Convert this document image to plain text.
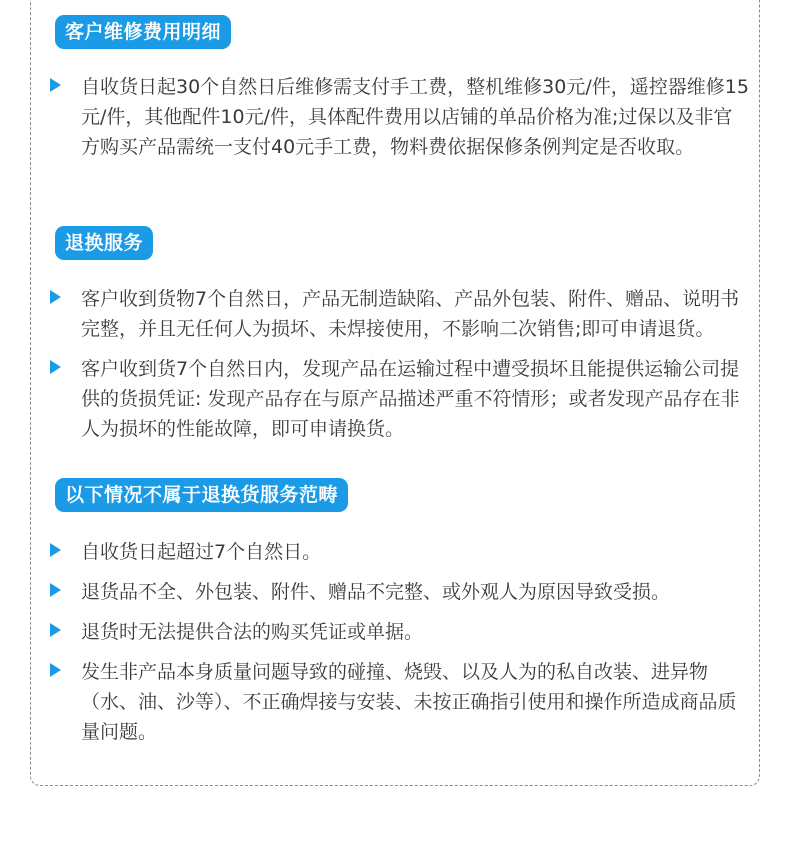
客户维修费用明细
自收货日起30个自然日后维修需支付手工费，整机维修30元/件，遥控器维修15元/件，其他配件10元/件，具体配件费用以店铺的单品价格为准;过保以及非官方购买产品需统一支付40元手工费，物料费依据保修条例判定是否收取。
退换服务
客户收到货物7个自然日，产品无制造缺陷、产品外包装、附件、赠品、说明书完整，并且无任何人为损坏、未焊接使用，不影响二次销售;即可申请退货。
客户收到货7个自然日内，发现产品在运输过程中遭受损坏且能提供运输公司提供的货损凭证: 发现产品存在与原产品描述严重不符情形；或者发现产品存在非人为损坏的性能故障，即可申请换货。
以下情况不属于退换货服务范畴
自收货日起超过7个自然日。
退货品不全、外包装、附件、赠品不完整、或外观人为原因导致受损。
退货时无法提供合法的购买凭证或单据。
发生非产品本身质量问题导致的碰撞、烧毁、以及人为的私自改装、进异物（水、油、沙等）、不正确焊接与安装、未按正确指引使用和操作所造成商品质量问题。
